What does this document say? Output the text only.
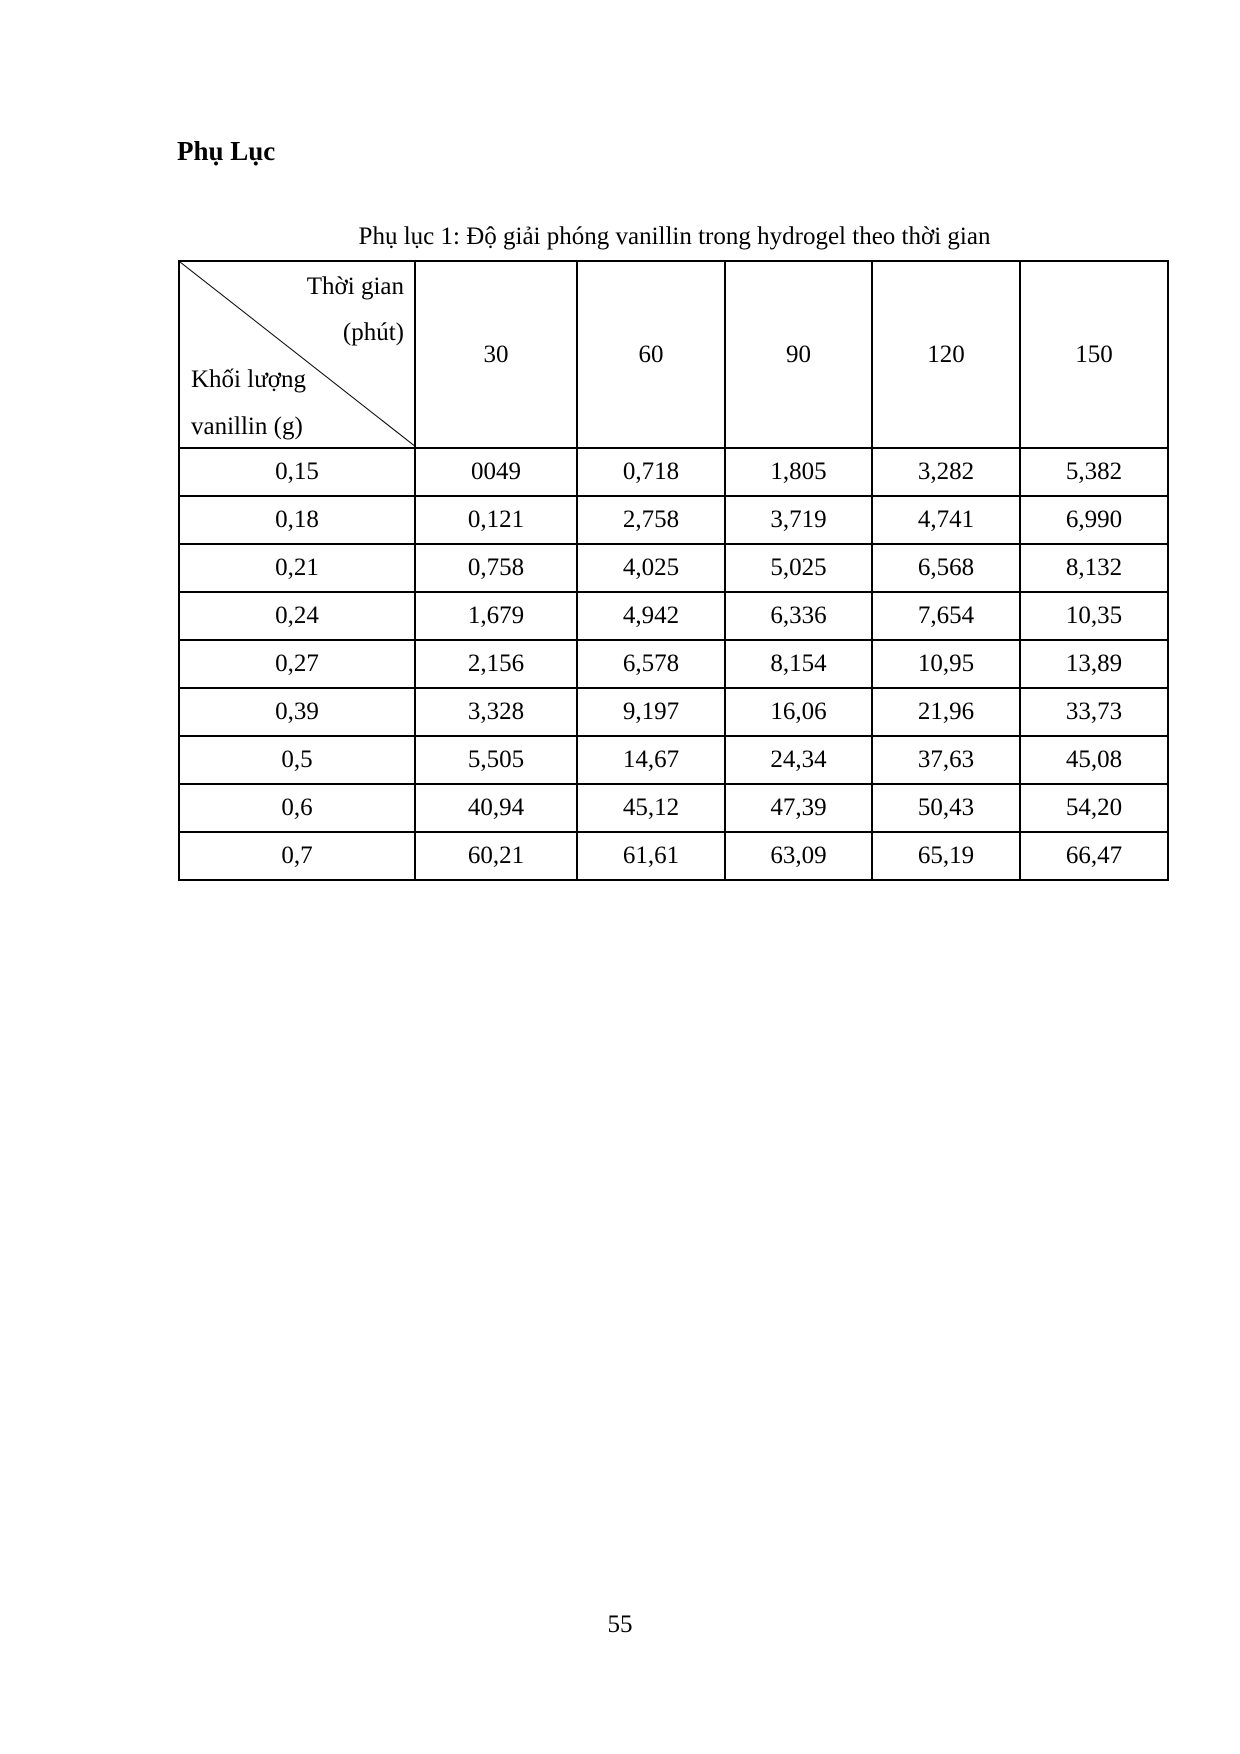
Phụ Lục
Phụ lục 1: Độ giải phóng vanillin trong hydrogel theo thời gian
Thời gian
(phút)
Khối lượng
vanillin (g)	30	60	90	120	150
0,15	0049	0,718	1,805	3,282	5,382
0,18	0,121	2,758	3,719	4,741	6,990
0,21	0,758	4,025	5,025	6,568	8,132
0,24	1,679	4,942	6,336	7,654	10,35
0,27	2,156	6,578	8,154	10,95	13,89
0,39	3,328	9,197	16,06	21,96	33,73
0,5	5,505	14,67	24,34	37,63	45,08
0,6	40,94	45,12	47,39	50,43	54,20
0,7	60,21	61,61	63,09	65,19	66,47
55
